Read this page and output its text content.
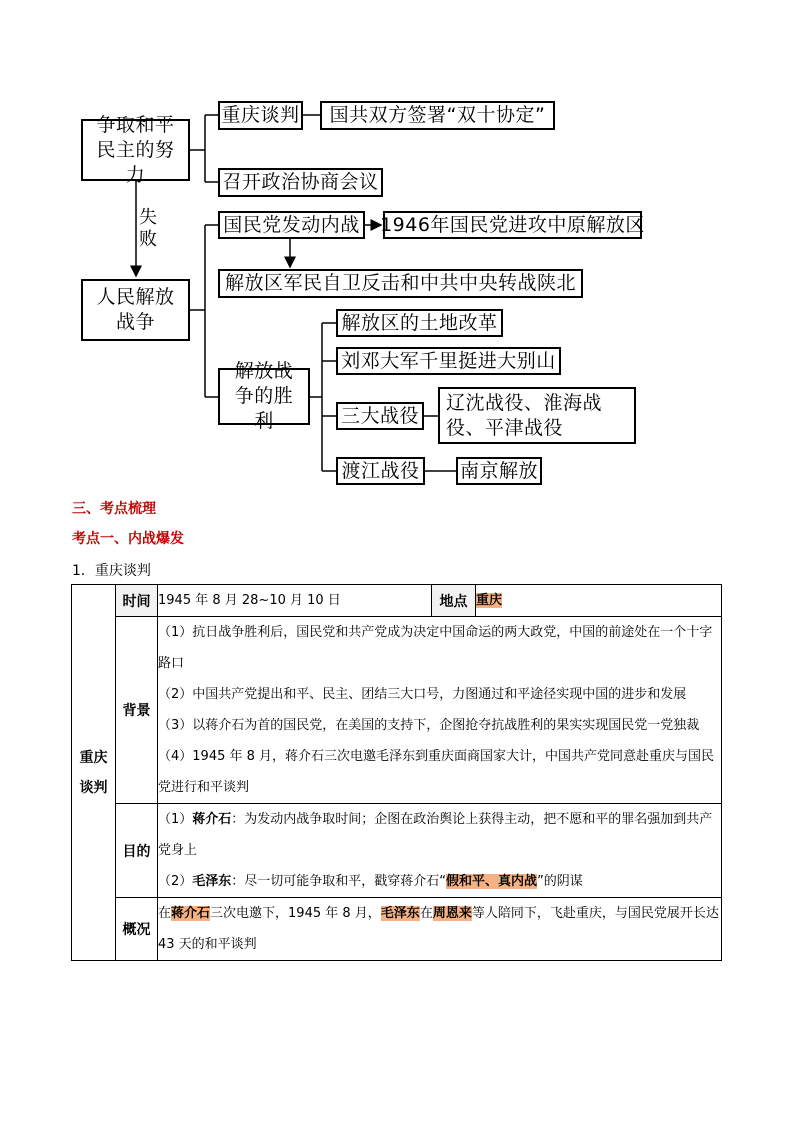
争取和平民主的努力
重庆谈判	国共双方签署“双十协定”
召开政治协商会议
失败
人民解放战争
国民党发动内战 1946年国民党进攻中原解放区
解放区军民自卫反击和中共中央转战陕北
解放战争的胜利
解放区的土地改革
刘邓大军千里挺进大别山
三大战役
辽沈战役、淮海战役、平津战役
渡江战役 南京解放
三、考点梳理
考点一、内战爆发
1．重庆谈判
重庆谈判	时间	1945 年 8 月 28~10 月 10 日	地点	重庆
	背景	（1）抗日战争胜利后，国民党和共产党成为决定中国命运的两大政党，中国的前途处在一个十字路口
（2）中国共产党提出和平、民主、团结三大口号，力图通过和平途径实现中国的进步和发展
（3）以蒋介石为首的国民党，在美国的支持下，企图抢夺抗战胜利的果实实现国民党一党独裁
（4）1945 年 8 月，蒋介石三次电邀毛泽东到重庆面商国家大计，中国共产党同意赴重庆与国民党进行和平谈判		

	目的	（1）蒋介石：为发动内战争取时间；企图在政治舆论上获得主动，把不愿和平的罪名强加到共产党身上
（2）毛泽东：尽一切可能争取和平，戳穿蒋介石“假和平、真内战”的阴谋		

	概况	在蒋介石三次电邀下，1945 年 8 月，毛泽东在周恩来等人陪同下，飞赴重庆，与国民党展开长达 43 天的和平谈判		
